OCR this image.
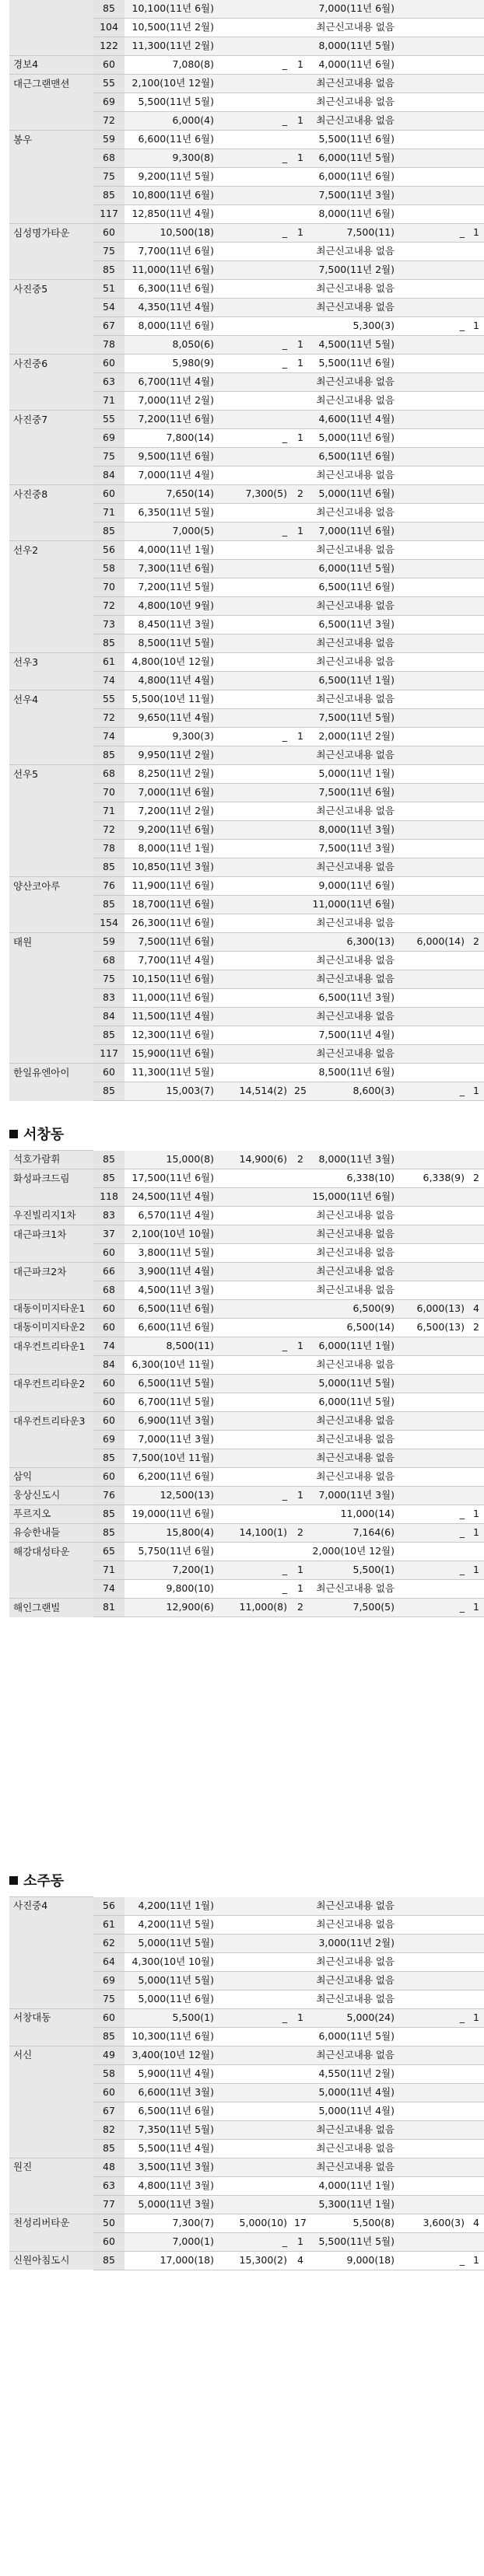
	85	10,100(11년 6월)			7,000(11년 6월)		
	104	10,500(11년 2월)			최근신고내용 없음		
	122	11,300(11년 2월)			8,000(11년 5월)		
경보4	60	7,080(8)	_	1	4,000(11년 6월)		
대근그랜맨션	55	2,100(10년 12월)			최근신고내용 없음		
	69	5,500(11년 5월)			최근신고내용 없음		
	72	6,000(4)	_	1	최근신고내용 없음		
봉우	59	6,600(11년 6월)			5,500(11년 6월)		
	68	9,300(8)	_	1	6,000(11년 5월)		
	75	9,200(11년 5월)			6,000(11년 6월)		
	85	10,800(11년 6월)			7,500(11년 3월)		
	117	12,850(11년 4월)			8,000(11년 6월)		
심성명가타운	60	10,500(18)	_	1	7,500(11)	_	1
	75	7,700(11년 6월)			최근신고내용 없음		
	85	11,000(11년 6월)			7,500(11년 2월)		
사진중5	51	6,300(11년 6월)			최근신고내용 없음		
	54	4,350(11년 4월)			최근신고내용 없음		
	67	8,000(11년 6월)			5,300(3)	_	1
	78	8,050(6)	_	1	4,500(11년 5월)		
사진중6	60	5,980(9)	_	1	5,500(11년 6월)		
	63	6,700(11년 4월)			최근신고내용 없음		
	71	7,000(11년 2월)			최근신고내용 없음		
사진중7	55	7,200(11년 6월)			4,600(11년 4월)		
	69	7,800(14)	_	1	5,000(11년 6월)		
	75	9,500(11년 6월)			6,500(11년 6월)		
	84	7,000(11년 4월)			최근신고내용 없음		
사진중8	60	7,650(14)	7,300(5)	2	5,000(11년 6월)		
	71	6,350(11년 5월)			최근신고내용 없음		
	85	7,000(5)	_	1	7,000(11년 6월)		
선우2	56	4,000(11년 1월)			최근신고내용 없음		
	58	7,300(11년 6월)			6,000(11년 5월)		
	70	7,200(11년 5월)			6,500(11년 6월)		
	72	4,800(10년 9월)			최근신고내용 없음		
	73	8,450(11년 3월)			6,500(11년 3월)		
	85	8,500(11년 5월)			최근신고내용 없음		
선우3	61	4,800(10년 12월)			최근신고내용 없음		
	74	4,800(11년 4월)			6,500(11년 1월)		
선우4	55	5,500(10년 11월)			최근신고내용 없음		
	72	9,650(11년 4월)			7,500(11년 5월)		
	74	9,300(3)	_	1	2,000(11년 2월)		
	85	9,950(11년 2월)			최근신고내용 없음		
선우5	68	8,250(11년 2월)			5,000(11년 1월)		
	70	7,000(11년 6월)			7,500(11년 6월)		
	71	7,200(11년 2월)			최근신고내용 없음		
	72	9,200(11년 6월)			8,000(11년 3월)		
	78	8,000(11년 1월)			7,500(11년 3월)		
	85	10,850(11년 3월)			최근신고내용 없음		
양산코아루	76	11,900(11년 6월)			9,000(11년 6월)		
	85	18,700(11년 6월)			11,000(11년 6월)		
	154	26,300(11년 6월)			최근신고내용 없음		
태원	59	7,500(11년 6월)			6,300(13)	6,000(14)	2
	68	7,700(11년 4월)			최근신고내용 없음		
	75	10,150(11년 6월)			최근신고내용 없음		
	83	11,000(11년 6월)			6,500(11년 3월)		
	84	11,500(11년 4월)			최근신고내용 없음		
	85	12,300(11년 6월)			7,500(11년 4월)		
	117	15,900(11년 6월)			최근신고내용 없음		
한일유엔아이	60	11,300(11년 5월)			8,500(11년 6월)		
	85	15,003(7)	14,514(2)	25	8,600(3)	_	1
서창동
석호가람휘	85	15,000(8)	14,900(6)	2	8,000(11년 3월)		
화성파크드림	85	17,500(11년 6월)			6,338(10)	6,338(9)	2
	118	24,500(11년 4월)			15,000(11년 6월)		
우진빌리지1차	83	6,570(11년 4월)			최근신고내용 없음		
대근파크1차	37	2,100(10년 10월)			최근신고내용 없음		
	60	3,800(11년 5월)			최근신고내용 없음		
대근파크2차	66	3,900(11년 4월)			최근신고내용 없음		
	68	4,500(11년 3월)			최근신고내용 없음		
대동이미지타운1	60	6,500(11년 6월)			6,500(9)	6,000(13)	4
대동이미지타운2	60	6,600(11년 6월)			6,500(14)	6,500(13)	2
대우컨트리타운1	74	8,500(11)	_	1	6,000(11년 1월)		
	84	6,300(10년 11월)			최근신고내용 없음		
대우컨트리타운2	60	6,500(11년 5월)			5,000(11년 5월)		
	60	6,700(11년 5월)			6,000(11년 5월)		
대우컨트리타운3	60	6,900(11년 3월)			최근신고내용 없음		
	69	7,000(11년 3월)			최근신고내용 없음		
	85	7,500(10년 11월)			최근신고내용 없음		
삼익	60	6,200(11년 6월)			최근신고내용 없음		
웅상신도시	76	12,500(13)	_	1	7,000(11년 3월)		
푸르지오	85	19,000(11년 6월)			11,000(14)	_	1
유승한내들	85	15,800(4)	14,100(1)	2	7,164(6)	_	1
해강대성타운	65	5,750(11년 6월)			2,000(10년 12월)		
	71	7,200(1)	_	1	5,500(1)	_	1
	74	9,800(10)	_	1	최근신고내용 없음		
해인그랜빌	81	12,900(6)	11,000(8)	2	7,500(5)	_	1
소주동
사진중4	56	4,200(11년 1월)			최근신고내용 없음		
	61	4,200(11년 5월)			최근신고내용 없음		
	62	5,000(11년 5월)			3,000(11년 2월)		
	64	4,300(10년 10월)			최근신고내용 없음		
	69	5,000(11년 5월)			최근신고내용 없음		
	75	5,000(11년 6월)			최근신고내용 없음		
서창대동	60	5,500(1)	_	1	5,000(24)	_	1
	85	10,300(11년 6월)			6,000(11년 5월)		
서신	49	3,400(10년 12월)			최근신고내용 없음		
	58	5,900(11년 4월)			4,550(11년 2월)		
	60	6,600(11년 3월)			5,000(11년 4월)		
	67	6,500(11년 6월)			5,000(11년 4월)		
	82	7,350(11년 5월)			최근신고내용 없음		
	85	5,500(11년 4월)			최근신고내용 없음		
원진	48	3,500(11년 3월)			최근신고내용 없음		
	63	4,800(11년 3월)			4,000(11년 1월)		
	77	5,000(11년 3월)			5,300(11년 1월)		
천성리버타운	50	7,300(7)	5,000(10)	17	5,500(8)	3,600(3)	4
	60	7,000(1)	_	1	5,500(11년 5월)		
신원아침도시	85	17,000(18)	15,300(2)	4	9,000(18)	_	1
